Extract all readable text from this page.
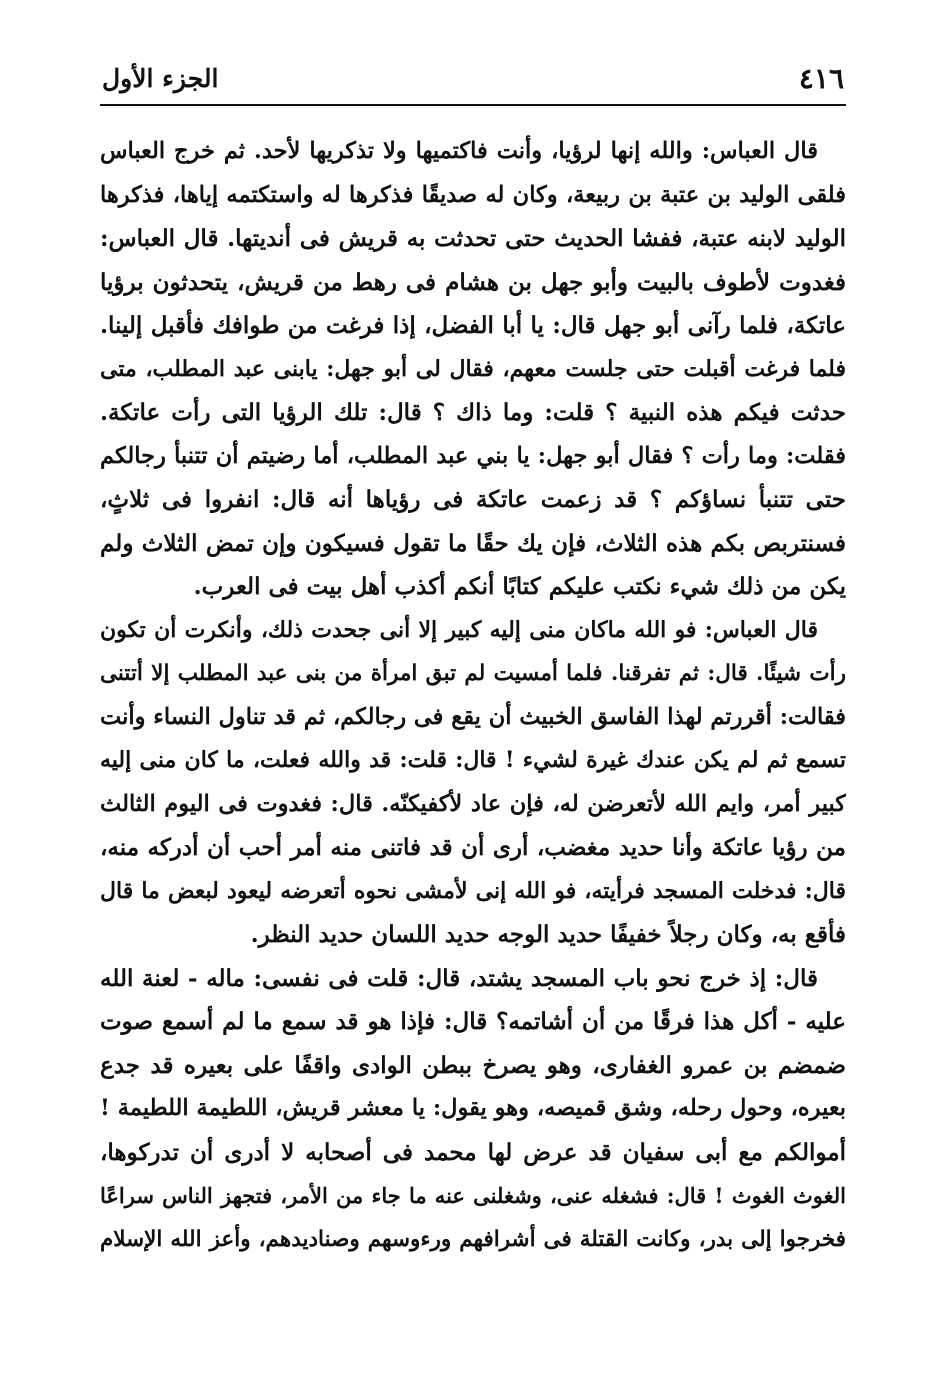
٤١٦
الجزء الأول
قال العباس: والله إنها لرؤيا، وأنت فاكتميها ولا تذكريها لأحد. ثم خرج العباس
فلقى الوليد بن عتبة بن ربيعة، وكان له صديقًا فذكرها له واستكتمه إياها، فذكرها
الوليد لابنه عتبة، ففشا الحديث حتى تحدثت به قريش فى أنديتها. قال العباس:
فغدوت لأطوف بالبيت وأبو جهل بن هشام فى رهط من قريش، يتحدثون برؤيا
عاتكة، فلما رآنى أبو جهل قال: يا أبا الفضل، إذا فرغت من طوافك فأقبل إلينا.
فلما فرغت أقبلت حتى جلست معهم، فقال لى أبو جهل: يابنى عبد المطلب، متى
حدثت فيكم هذه النبية ؟ قلت: وما ذاك ؟ قال: تلك الرؤيا التى رأت عاتكة.
فقلت: وما رأت ؟ فقال أبو جهل: يا بني عبد المطلب، أما رضيتم أن تتنبأ رجالكم
حتى تتنبأ نساؤكم ؟ قد زعمت عاتكة فى رؤياها أنه قال: انفروا فى ثلاثٍ،
فسنتربص بكم هذه الثلاث، فإن يك حقًا ما تقول فسيكون وإن تمض الثلاث ولم
يكن من ذلك شيء نكتب عليكم كتابًا أنكم أكذب أهل بيت فى العرب.
قال العباس: فو الله ماكان منى إليه كبير إلا أنى جحدت ذلك، وأنكرت أن تكون
رأت شيئًا. قال: ثم تفرقنا. فلما أمسيت لم تبق امرأة من بنى عبد المطلب إلا أتتنى
فقالت: أقررتم لهذا الفاسق الخبيث أن يقع فى رجالكم، ثم قد تناول النساء وأنت
تسمع ثم لم يكن عندك غيرة لشيء ! قال: قلت: قد والله فعلت، ما كان منى إليه
كبير أمر، وايم الله لأتعرضن له، فإن عاد لأكفيكنّه. قال: فغدوت فى اليوم الثالث
من رؤيا عاتكة وأنا حديد مغضب، أرى أن قد فاتنى منه أمر أحب أن أدركه منه،
قال: فدخلت المسجد فرأيته، فو الله إنى لأمشى نحوه أتعرضه ليعود لبعض ما قال
فأقع به، وكان رجلاً خفيفًا حديد الوجه حديد اللسان حديد النظر.
قال: إذ خرج نحو باب المسجد يشتد، قال: قلت فى نفسى: ماله - لعنة الله
عليه - أكل هذا فرقًا من أن أشاتمه؟ قال: فإذا هو قد سمع ما لم أسمع صوت
ضمضم بن عمرو الغفارى، وهو يصرخ ببطن الوادى واقفًا على بعيره قد جدع
بعيره، وحول رحله، وشق قميصه، وهو يقول: يا معشر قريش، اللطيمة اللطيمة !
أموالكم مع أبى سفيان قد عرض لها محمد فى أصحابه لا أدرى أن تدركوها،
الغوث الغوث ! قال: فشغله عنى، وشغلنى عنه ما جاء من الأمر، فتجهز الناس سراعًا
فخرجوا إلى بدر، وكانت القتلة فى أشرافهم ورءوسهم وصناديدهم، وأعز الله الإسلام
